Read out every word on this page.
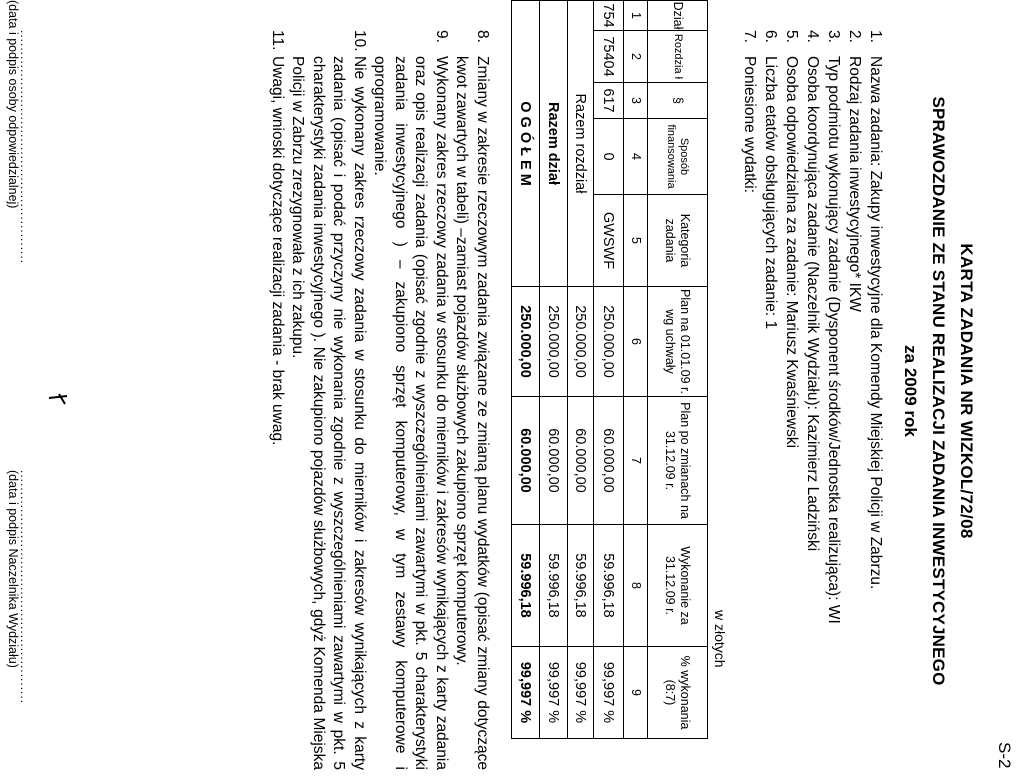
S-2
KARTA ZADANIA NR WIZKOL/72/08
SPRAWOZDANIE ZE STANU REALIZACJI ZADANIA INWESTYCYJNEGO
za 2009 rok
1.
Nazwa zadania: Zakupy inwestycyjne dla Komendy Miejskiej Policji w Zabrzu.
2.
Rodzaj zadania inwestycyjnego* IKW
3.
Typ podmiotu wykonujący zadanie (Dysponent środków/Jednostka realizująca): WI
4.
Osoba koordynująca zadanie (Naczelnik Wydziału): Kazimierz Ladziński
5.
Osoba odpowiedzialna za zadanie: Mariusz Kwaśniewski
6.
Liczba etatów obsługujących zadanie: 1
7.
Poniesione wydatki:
w złotych
Dział	Rozdzia ł	§	Sposób finansowania	Kategoria zadania	Plan na 01.01.09 r. wg uchwały	Plan po zmianach na 31.12.09 r.	Wykonanie za 31.12.09 r.	% wykonania (8:7)
1	2	3	4	5	6	7	8	9
754	75404	617	0	GWSWF	250.000,00	60.000,00	59.996,18	99,997 %
Razem rozdział					250.000,00	60.000,00	59.996,18	99,997 %
Razem dział					250.000,00	60.000,00	59.996,18	99,997 %
O G Ó Ł E M					250.000,00	60.000,00	59.996,18	99,997 %
8.
Zmiany w zakresie rzeczowym zadania związane ze zmianą planu wydatków (opisać zmiany dotyczące kwot zawartych w tabeli) –zamiast pojazdów służbowych zakupiono sprzęt komputerowy.
9.
Wykonany zakres rzeczowy zadania w stosunku do mierników i zakresów wynikających z karty zadania oraz opis realizacji zadania (opisać zgodnie z wyszczególnieniami zawartymi w pkt. 5 charakterystyki zadania inwestycyjnego ) – zakupiono sprzęt komputerowy, w tym zestawy komputerowe i oprogramowanie.
10.
Nie wykonany zakres rzeczowy zadania w stosunku do mierników i zakresów wynikających z karty zadania (opisać i podać przyczyny nie wykonania zgodnie z wyszczególnieniami zawartymi w pkt. 5 charakterystyki zadania inwestycyjnego ). Nie zakupiono pojazdów służbowych, gdyż Komenda Miejska Policji w Zabrzu zrezygnowała z ich zakupu.
11.
Uwagi, wnioski dotyczące realizacji zadania - brak uwag.
......................................................
(data i podpis osoby odpowiedzialnej)
......................................................
(data i podpis Naczelnika Wydziału)
